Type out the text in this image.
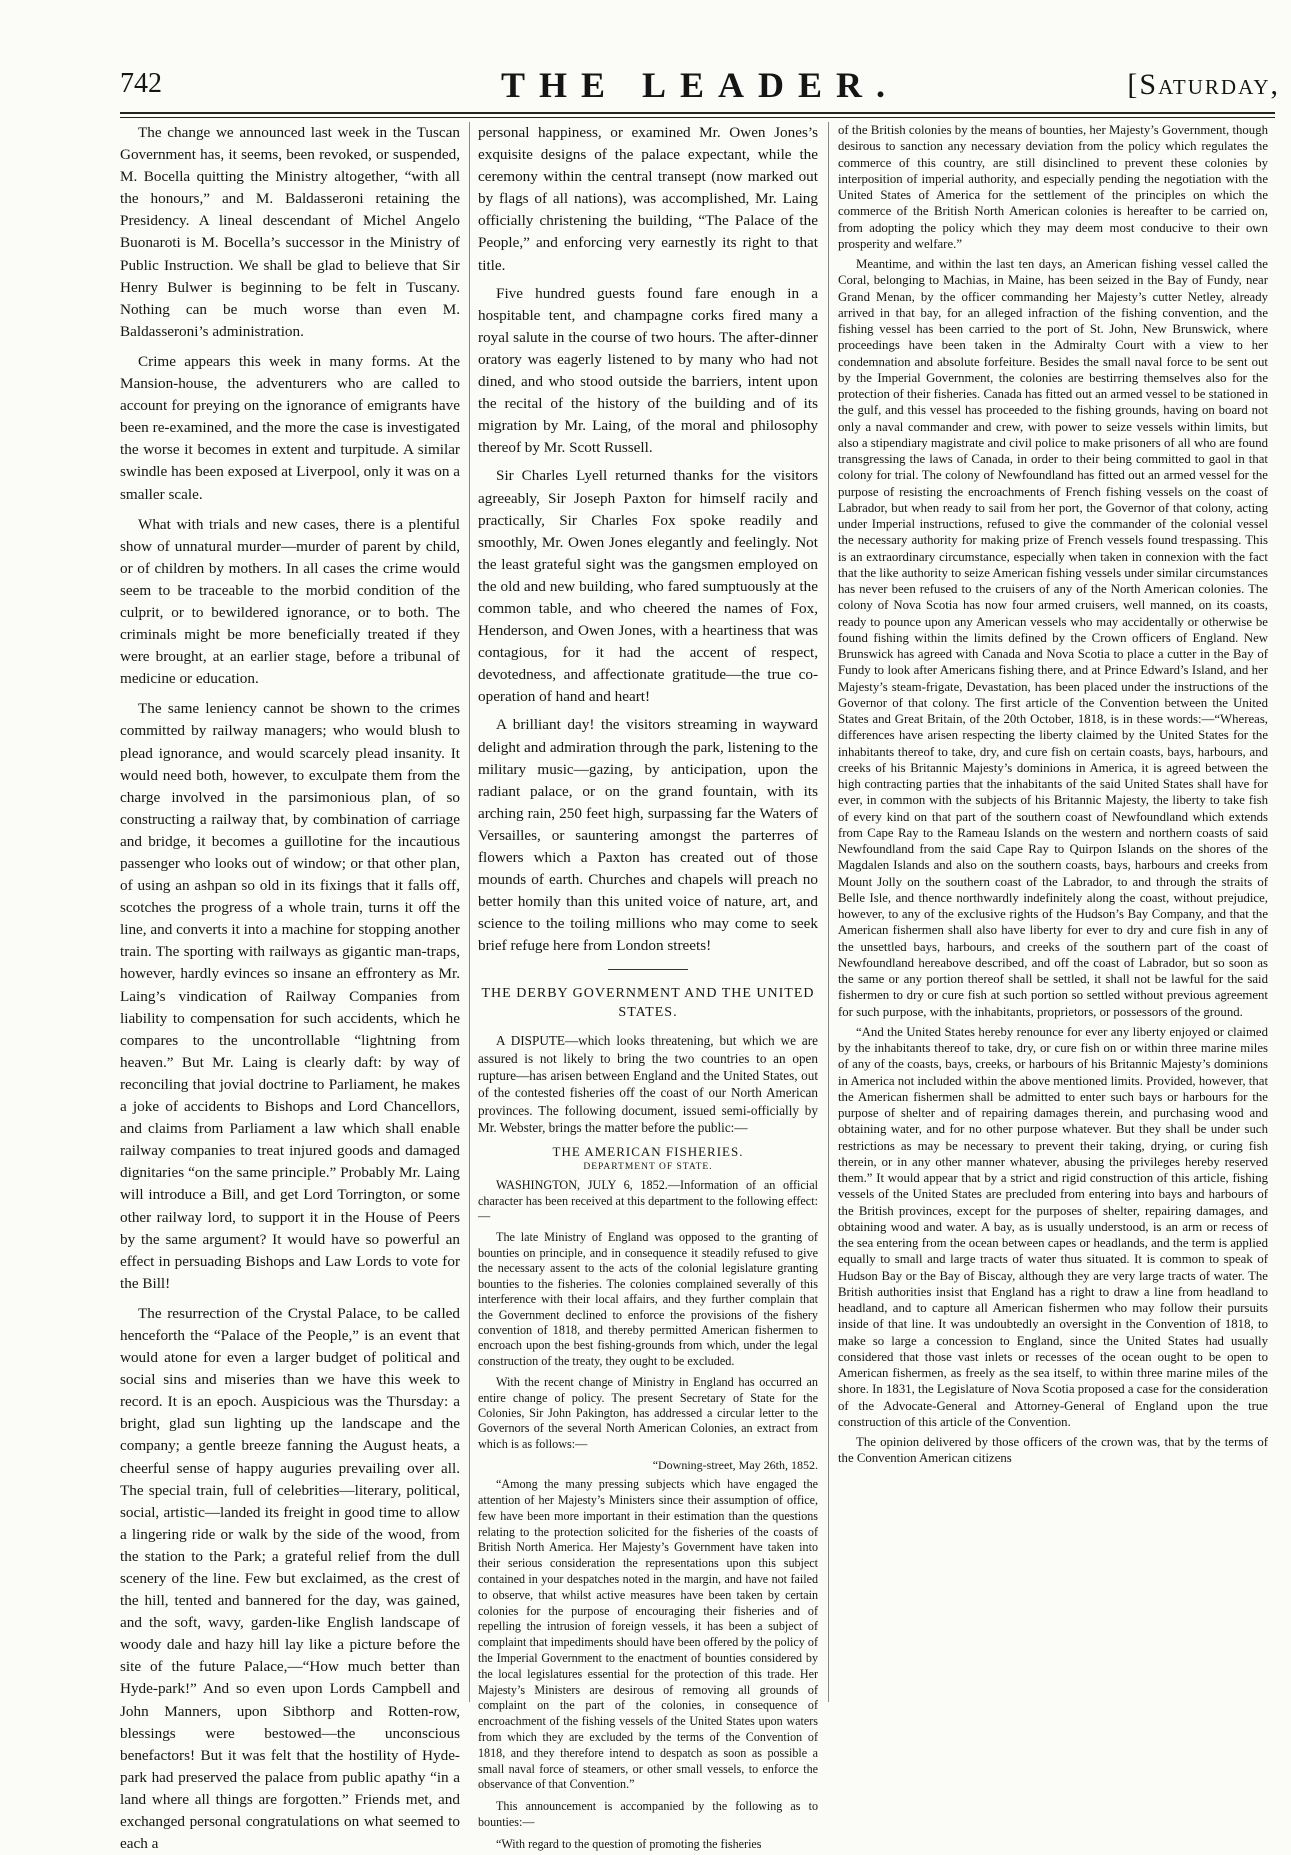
742	THE LEADER.	[Saturday,

The change we announced last week in the Tuscan Government has, it seems, been revoked, or suspended, M. Bocella quitting the Ministry altogether, “with all the honours,” and M. Baldasseroni retaining the Presidency. A lineal descendant of Michel Angelo Buonaroti is M. Bocella’s successor in the Ministry of Public Instruction. We shall be glad to believe that Sir Henry Bulwer is beginning to be felt in Tuscany. Nothing can be much worse than even M. Baldasseroni’s administration.

Crime appears this week in many forms. At the Mansion-house, the adventurers who are called to account for preying on the ignorance of emigrants have been re-examined, and the more the case is investigated the worse it becomes in extent and turpitude. A similar swindle has been exposed at Liverpool, only it was on a smaller scale.

What with trials and new cases, there is a plentiful show of unnatural murder—murder of parent by child, or of children by mothers. In all cases the crime would seem to be traceable to the morbid condition of the culprit, or to bewildered ignorance, or to both. The criminals might be more beneficially treated if they were brought, at an earlier stage, before a tribunal of medicine or education.

The same leniency cannot be shown to the crimes committed by railway managers; who would blush to plead ignorance, and would scarcely plead insanity. It would need both, however, to exculpate them from the charge involved in the parsimonious plan, of so constructing a railway that, by combination of carriage and bridge, it becomes a guillotine for the incautious passenger who looks out of window; or that other plan, of using an ashpan so old in its fixings that it falls off, scotches the progress of a whole train, turns it off the line, and converts it into a machine for stopping another train. The sporting with railways as gigantic man-traps, however, hardly evinces so insane an effrontery as Mr. Laing’s vindication of Railway Companies from liability to compensation for such accidents, which he compares to the uncontrollable “lightning from heaven.” But Mr. Laing is clearly daft: by way of reconciling that jovial doctrine to Parliament, he makes a joke of accidents to Bishops and Lord Chancellors, and claims from Parliament a law which shall enable railway companies to treat injured goods and damaged dignitaries “on the same principle.” Probably Mr. Laing will introduce a Bill, and get Lord Torrington, or some other railway lord, to support it in the House of Peers by the same argument? It would have so powerful an effect in persuading Bishops and Law Lords to vote for the Bill!

The resurrection of the Crystal Palace, to be called henceforth the “Palace of the People,” is an event that would atone for even a larger budget of political and social sins and miseries than we have this week to record. It is an epoch. Auspicious was the Thursday: a bright, glad sun lighting up the landscape and the company; a gentle breeze fanning the August heats, a cheerful sense of happy auguries prevailing over all. The special train, full of celebrities—literary, political, social, artistic—landed its freight in good time to allow a lingering ride or walk by the side of the wood, from the station to the Park; a grateful relief from the dull scenery of the line. Few but exclaimed, as the crest of the hill, tented and bannered for the day, was gained, and the soft, wavy, garden-like English landscape of woody dale and hazy hill lay like a picture before the site of the future Palace,—“How much better than Hyde-park!” And so even upon Lords Campbell and John Manners, upon Sibthorp and Rotten-row, blessings were bestowed—the unconscious benefactors! But it was felt that the hostility of Hyde-park had preserved the palace from public apathy “in a land where all things are forgotten.” Friends met, and exchanged personal congratulations on what seemed to each a

personal happiness, or examined Mr. Owen Jones’s exquisite designs of the palace expectant, while the ceremony within the central transept (now marked out by flags of all nations), was accomplished, Mr. Laing officially christening the building, “The Palace of the People,” and enforcing very earnestly its right to that title.

Five hundred guests found fare enough in a hospitable tent, and champagne corks fired many a royal salute in the course of two hours. The after-dinner oratory was eagerly listened to by many who had not dined, and who stood outside the barriers, intent upon the recital of the history of the building and of its migration by Mr. Laing, of the moral and philosophy thereof by Mr. Scott Russell.

Sir Charles Lyell returned thanks for the visitors agreeably, Sir Joseph Paxton for himself racily and practically, Sir Charles Fox spoke readily and smoothly, Mr. Owen Jones elegantly and feelingly. Not the least grateful sight was the gangsmen employed on the old and new building, who fared sumptuously at the common table, and who cheered the names of Fox, Henderson, and Owen Jones, with a heartiness that was contagious, for it had the accent of respect, devotedness, and affectionate gratitude—the true co-operation of hand and heart!

A brilliant day! the visitors streaming in wayward delight and admiration through the park, listening to the military music—gazing, by anticipation, upon the radiant palace, or on the grand fountain, with its arching rain, 250 feet high, surpassing far the Waters of Versailles, or sauntering amongst the parterres of flowers which a Paxton has created out of those mounds of earth. Churches and chapels will preach no better homily than this united voice of nature, art, and science to the toiling millions who may come to seek brief refuge here from London streets!

THE DERBY GOVERNMENT AND THE UNITED STATES.

A DISPUTE—which looks threatening, but which we are assured is not likely to bring the two countries to an open rupture—has arisen between England and the United States, out of the contested fisheries off the coast of our North American provinces. The following document, issued semi-officially by Mr. Webster, brings the matter before the public:—

THE AMERICAN FISHERIES.
DEPARTMENT OF STATE.

WASHINGTON, JULY 6, 1852.—Information of an official character has been received at this department to the following effect:—

The late Ministry of England was opposed to the granting of bounties on principle, and in consequence it steadily refused to give the necessary assent to the acts of the colonial legislature granting bounties to the fisheries. The colonies complained severally of this interference with their local affairs, and they further complain that the Government declined to enforce the provisions of the fishery convention of 1818, and thereby permitted American fishermen to encroach upon the best fishing-grounds from which, under the legal construction of the treaty, they ought to be excluded.

With the recent change of Ministry in England has occurred an entire change of policy. The present Secretary of State for the Colonies, Sir John Pakington, has addressed a circular letter to the Governors of the several North American Colonies, an extract from which is as follows:—

“Downing-street, May 26th, 1852.

“Among the many pressing subjects which have engaged the attention of her Majesty’s Ministers since their assumption of office, few have been more important in their estimation than the questions relating to the protection solicited for the fisheries of the coasts of British North America. Her Majesty’s Government have taken into their serious consideration the representations upon this subject contained in your despatches noted in the margin, and have not failed to observe, that whilst active measures have been taken by certain colonies for the purpose of encouraging their fisheries and of repelling the intrusion of foreign vessels, it has been a subject of complaint that impediments should have been offered by the policy of the Imperial Government to the enactment of bounties considered by the local legislatures essential for the protection of this trade. Her Majesty’s Ministers are desirous of removing all grounds of complaint on the part of the colonies, in consequence of encroachment of the fishing vessels of the United States upon waters from which they are excluded by the terms of the Convention of 1818, and they therefore intend to despatch as soon as possible a small naval force of steamers, or other small vessels, to enforce the observance of that Convention.”

This announcement is accompanied by the following as to bounties:—

“With regard to the question of promoting the fisheries

of the British colonies by the means of bounties, her Majesty’s Government, though desirous to sanction any necessary deviation from the policy which regulates the commerce of this country, are still disinclined to prevent these colonies by interposition of imperial authority, and especially pending the negotiation with the United States of America for the settlement of the principles on which the commerce of the British North American colonies is hereafter to be carried on, from adopting the policy which they may deem most conducive to their own prosperity and welfare.”

Meantime, and within the last ten days, an American fishing vessel called the Coral, belonging to Machias, in Maine, has been seized in the Bay of Fundy, near Grand Menan, by the officer commanding her Majesty’s cutter Netley, already arrived in that bay, for an alleged infraction of the fishing convention, and the fishing vessel has been carried to the port of St. John, New Brunswick, where proceedings have been taken in the Admiralty Court with a view to her condemnation and absolute forfeiture. Besides the small naval force to be sent out by the Imperial Government, the colonies are bestirring themselves also for the protection of their fisheries. Canada has fitted out an armed vessel to be stationed in the gulf, and this vessel has proceeded to the fishing grounds, having on board not only a naval commander and crew, with power to seize vessels within limits, but also a stipendiary magistrate and civil police to make prisoners of all who are found transgressing the laws of Canada, in order to their being committed to gaol in that colony for trial. The colony of Newfoundland has fitted out an armed vessel for the purpose of resisting the encroachments of French fishing vessels on the coast of Labrador, but when ready to sail from her port, the Governor of that colony, acting under Imperial instructions, refused to give the commander of the colonial vessel the necessary authority for making prize of French vessels found trespassing. This is an extraordinary circumstance, especially when taken in connexion with the fact that the like authority to seize American fishing vessels under similar circumstances has never been refused to the cruisers of any of the North American colonies. The colony of Nova Scotia has now four armed cruisers, well manned, on its coasts, ready to pounce upon any American vessels who may accidentally or otherwise be found fishing within the limits defined by the Crown officers of England. New Brunswick has agreed with Canada and Nova Scotia to place a cutter in the Bay of Fundy to look after Americans fishing there, and at Prince Edward’s Island, and her Majesty’s steam-frigate, Devastation, has been placed under the instructions of the Governor of that colony. The first article of the Convention between the United States and Great Britain, of the 20th October, 1818, is in these words:—“Whereas, differences have arisen respecting the liberty claimed by the United States for the inhabitants thereof to take, dry, and cure fish on certain coasts, bays, harbours, and creeks of his Britannic Majesty’s dominions in America, it is agreed between the high contracting parties that the inhabitants of the said United States shall have for ever, in common with the subjects of his Britannic Majesty, the liberty to take fish of every kind on that part of the southern coast of Newfoundland which extends from Cape Ray to the Rameau Islands on the western and northern coasts of said Newfoundland from the said Cape Ray to Quirpon Islands on the shores of the Magdalen Islands and also on the southern coasts, bays, harbours and creeks from Mount Jolly on the southern coast of the Labrador, to and through the straits of Belle Isle, and thence northwardly indefinitely along the coast, without prejudice, however, to any of the exclusive rights of the Hudson’s Bay Company, and that the American fishermen shall also have liberty for ever to dry and cure fish in any of the unsettled bays, harbours, and creeks of the southern part of the coast of Newfoundland hereabove described, and off the coast of Labrador, but so soon as the same or any portion thereof shall be settled, it shall not be lawful for the said fishermen to dry or cure fish at such portion so settled without previous agreement for such purpose, with the inhabitants, proprietors, or possessors of the ground.

“And the United States hereby renounce for ever any liberty enjoyed or claimed by the inhabitants thereof to take, dry, or cure fish on or within three marine miles of any of the coasts, bays, creeks, or harbours of his Britannic Majesty’s dominions in America not included within the above mentioned limits. Provided, however, that the American fishermen shall be admitted to enter such bays or harbours for the purpose of shelter and of repairing damages therein, and purchasing wood and obtaining water, and for no other purpose whatever. But they shall be under such restrictions as may be necessary to prevent their taking, drying, or curing fish therein, or in any other manner whatever, abusing the privileges hereby reserved them.” It would appear that by a strict and rigid construction of this article, fishing vessels of the United States are precluded from entering into bays and harbours of the British provinces, except for the purposes of shelter, repairing damages, and obtaining wood and water. A bay, as is usually understood, is an arm or recess of the sea entering from the ocean between capes or headlands, and the term is applied equally to small and large tracts of water thus situated. It is common to speak of Hudson Bay or the Bay of Biscay, although they are very large tracts of water. The British authorities insist that England has a right to draw a line from headland to headland, and to capture all American fishermen who may follow their pursuits inside of that line. It was undoubtedly an oversight in the Convention of 1818, to make so large a concession to England, since the United States had usually considered that those vast inlets or recesses of the ocean ought to be open to American fishermen, as freely as the sea itself, to within three marine miles of the shore. In 1831, the Legislature of Nova Scotia proposed a case for the consideration of the Advocate-General and Attorney-General of England upon the true construction of this article of the Convention.

The opinion delivered by those officers of the crown was, that by the terms of the Convention American citizens
